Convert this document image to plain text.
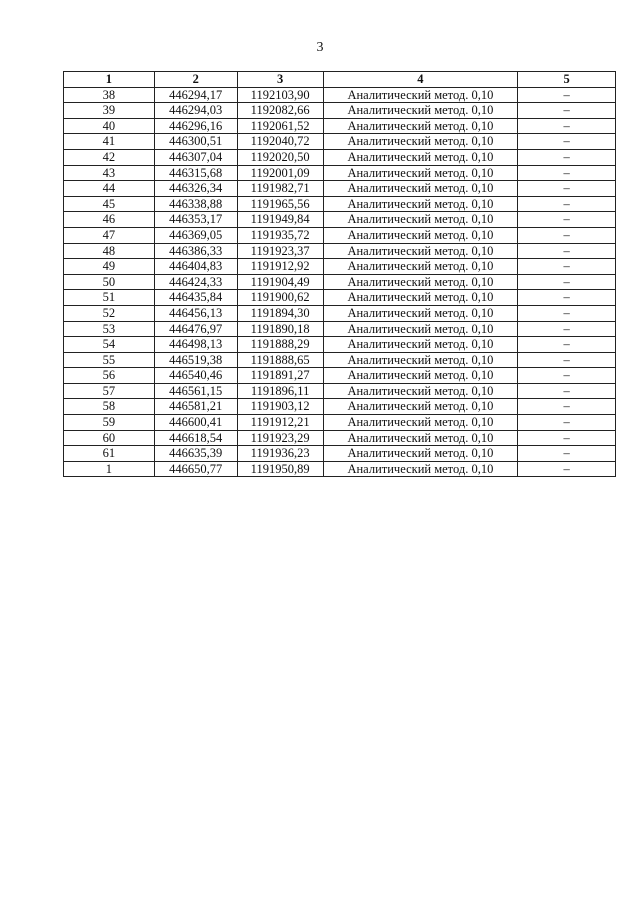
3
1	2	3	4	5
38	446294,17	1192103,90	Аналитический метод. 0,10	–
39	446294,03	1192082,66	Аналитический метод. 0,10	–
40	446296,16	1192061,52	Аналитический метод. 0,10	–
41	446300,51	1192040,72	Аналитический метод. 0,10	–
42	446307,04	1192020,50	Аналитический метод. 0,10	–
43	446315,68	1192001,09	Аналитический метод. 0,10	–
44	446326,34	1191982,71	Аналитический метод. 0,10	–
45	446338,88	1191965,56	Аналитический метод. 0,10	–
46	446353,17	1191949,84	Аналитический метод. 0,10	–
47	446369,05	1191935,72	Аналитический метод. 0,10	–
48	446386,33	1191923,37	Аналитический метод. 0,10	–
49	446404,83	1191912,92	Аналитический метод. 0,10	–
50	446424,33	1191904,49	Аналитический метод. 0,10	–
51	446435,84	1191900,62	Аналитический метод. 0,10	–
52	446456,13	1191894,30	Аналитический метод. 0,10	–
53	446476,97	1191890,18	Аналитический метод. 0,10	–
54	446498,13	1191888,29	Аналитический метод. 0,10	–
55	446519,38	1191888,65	Аналитический метод. 0,10	–
56	446540,46	1191891,27	Аналитический метод. 0,10	–
57	446561,15	1191896,11	Аналитический метод. 0,10	–
58	446581,21	1191903,12	Аналитический метод. 0,10	–
59	446600,41	1191912,21	Аналитический метод. 0,10	–
60	446618,54	1191923,29	Аналитический метод. 0,10	–
61	446635,39	1191936,23	Аналитический метод. 0,10	–
1	446650,77	1191950,89	Аналитический метод. 0,10	–
